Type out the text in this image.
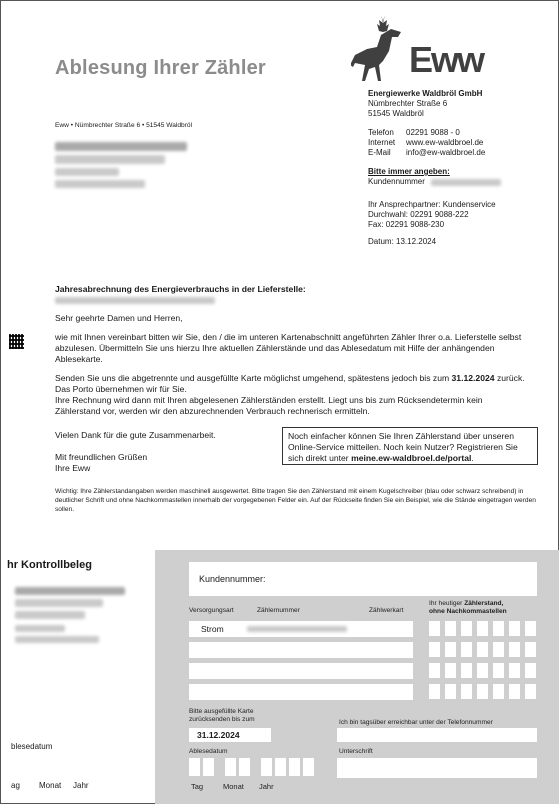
Ablesung Ihrer Zähler	Eww
Eww • Nümbrechter Straße 6 • 51545 Waldbröl
Energiewerke Waldbröl GmbH
Nümbrechter Straße 6
51545 Waldbröl
Telefon	02291 9088 - 0
Internet	www.ew-waldbroel.de
E-Mail	info@ew-waldbroel.de
Bitte immer angeben:
Kundennummer
Ihr Ansprechpartner: Kundenservice
Durchwahl: 02291 9088-222
Fax: 02291 9088-230
Datum: 13.12.2024
Jahresabrechnung des Energieverbrauchs in der Lieferstelle:
Sehr geehrte Damen und Herren,
wie mit Ihnen vereinbart bitten wir Sie, den / die im unteren Kartenabschnitt angeführten Zähler Ihrer o.a. Lieferstelle selbst abzulesen. Übermitteln Sie uns hierzu Ihre aktuellen Zählerstände und das Ablesedatum mit Hilfe der anhängenden Ablesekarte.
Senden Sie uns die abgetrennte und ausgefüllte Karte möglichst umgehend, spätestens jedoch bis zum 31.12.2024 zurück. Das Porto übernehmen wir für Sie.
Ihre Rechnung wird dann mit Ihren abgelesenen Zählerständen erstellt. Liegt uns bis zum Rücksendetermin kein Zählerstand vor, werden wir den abzurechnenden Verbrauch rechnerisch ermitteln.
Vielen Dank für die gute Zusammenarbeit.
Mit freundlichen Grüßen
Ihre Eww
Noch einfacher können Sie Ihren Zählerstand über unseren Online-Service mitteilen. Noch kein Nutzer? Registrieren Sie sich direkt unter meine.ew-waldbroel.de/portal.
Wichtig: Ihre Zählerstandangaben werden maschinell ausgewertet. Bitte tragen Sie den Zählerstand mit einem Kugelschreiber (blau oder schwarz schreibend) in deutlicher Schrift und ohne Nachkommastellen innerhalb der vorgegebenen Felder ein. Auf der Rückseite finden Sie ein Beispiel, wie die Stände eingetragen werden sollen.
hr Kontrollbeleg
blesedatum
ag Monat Jahr
Kundennummer:
Versorgungsart	Zählernummer	Zählwerkart
Ihr heutiger Zählerstand,
ohne Nachkommastellen
Strom
Bitte ausgefüllte Karte zurücksenden bis zum
31.12.2024
Ich bin tagsüber erreichbar unter der Telefonnummer
Ablesedatum
Tag	Monat Jahr
Unterschrift
